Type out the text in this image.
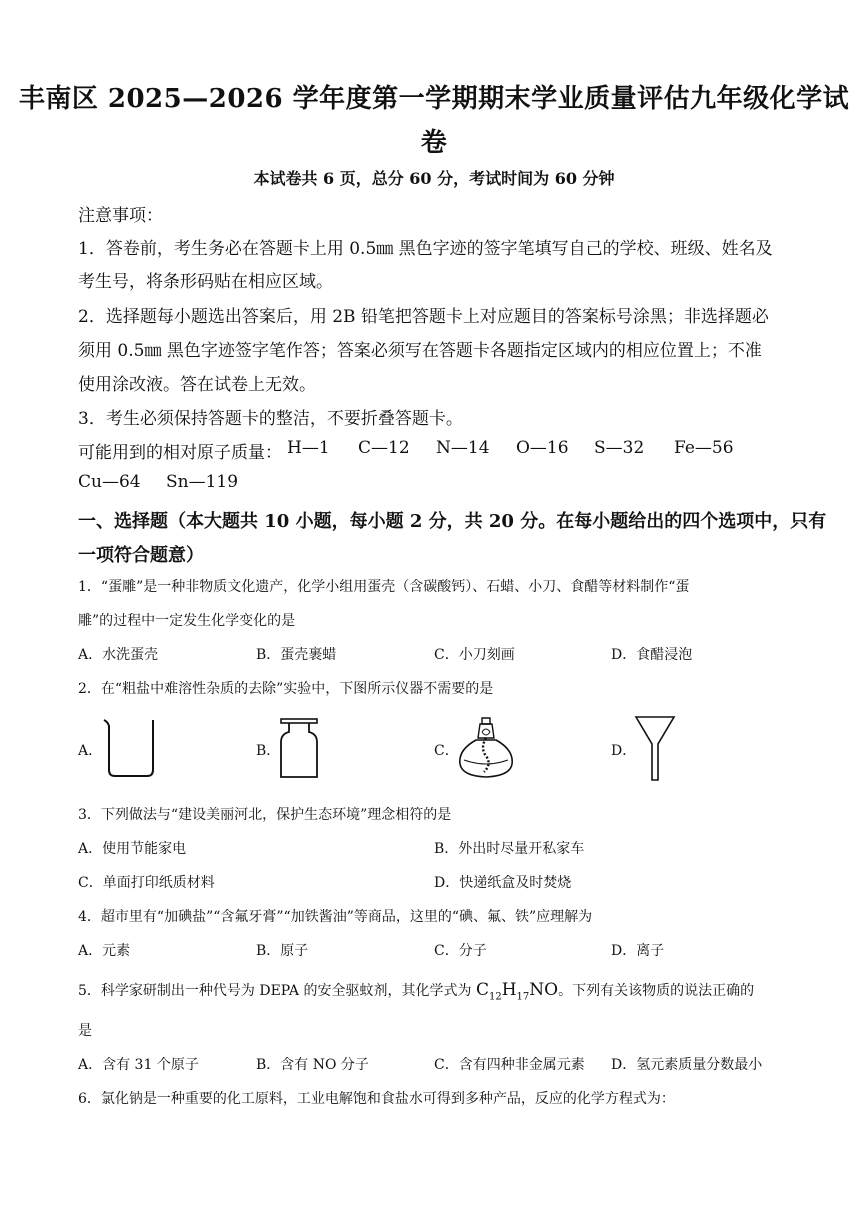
丰南区 2025—2026 学年度第一学期期末学业质量评估九年级化学试
卷
本试卷共 6 页，总分 60 分，考试时间为 60 分钟
注意事项：
1．答卷前，考生务必在答题卡上用 0.5㎜ 黑色字迹的签字笔填写自己的学校、班级、姓名及
考生号，将条形码贴在相应区域。
2．选择题每小题选出答案后，用 2B 铅笔把答题卡上对应题目的答案标号涂黑；非选择题必
须用 0.5㎜ 黑色字迹签字笔作答；答案必须写在答题卡各题指定区域内的相应位置上；不准
使用涂改液。答在试卷上无效。
3．考生必须保持答题卡的整洁，不要折叠答题卡。
可能用到的相对原子质量： H—1 C—12 N—14 O—16 S—32 Fe—56
Cu—64 Sn—119
一、选择题（本大题共 10 小题，每小题 2 分，共 20 分。在每小题给出的四个选项中，只有
一项符合题意）
1．“蛋雕”是一种非物质文化遗产，化学小组用蛋壳（含碳酸钙）、石蜡、小刀、食醋等材料制作“蛋
雕”的过程中一定发生化学变化的是
A．水洗蛋壳	B．蛋壳裹蜡	C．小刀刻画	D．食醋浸泡
2．在“粗盐中难溶性杂质的去除”实验中，下图所示仪器不需要的是
A．	B．	C．	D．
3．下列做法与“建设美丽河北，保护生态环境”理念相符的是
A．使用节能家电	B．外出时尽量开私家车
C．单面打印纸质材料	D．快递纸盒及时焚烧
4．超市里有“加碘盐”“含氟牙膏”“加铁酱油”等商品，这里的“碘、氟、铁”应理解为
A．元素	B．原子	C．分子	D．离子
5．科学家研制出一种代号为 DEPA 的安全驱蚊剂，其化学式为 $C_{12}H_{17}NO$。下列有关该物质的说法正确的
是
A．含有 31 个原子	B．含有 NO 分子	C．含有四种非金属元素 D．氢元素质量分数最小
6．氯化钠是一种重要的化工原料，工业电解饱和食盐水可得到多种产品，反应的化学方程式为：
